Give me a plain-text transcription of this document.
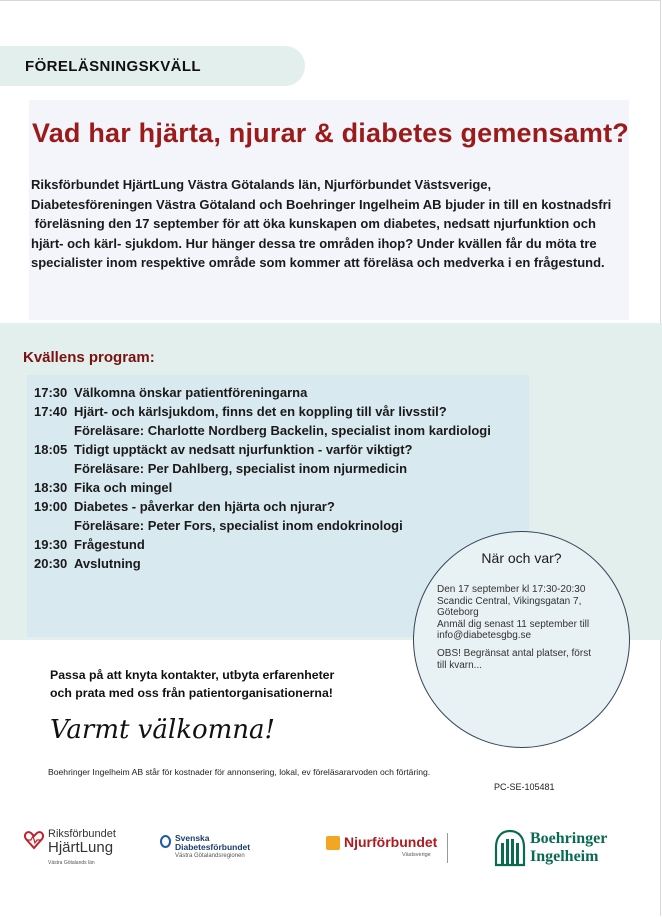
FÖRELÄSNINGSKVÄLL
Vad har hjärta, njurar & diabetes gemensamt?

Riksförbundet HjärtLung Västra Götalands län, Njurförbundet Västsverige,
Diabetesföreningen Västra Götaland och Boehringer Ingelheim AB bjuder in till en kostnadsfri
föreläsning den 17 september för att öka kunskapen om diabetes, nedsatt njurfunktion och
hjärt- och kärl- sjukdom. Hur hänger dessa tre områden ihop? Under kvällen får du möta tre
specialister inom respektive område som kommer att föreläsa och medverka i en frågestund.

Kvällens program:
17:30 Välkomna önskar patientföreningarna
17:40 Hjärt- och kärlsjukdom, finns det en koppling till vår livsstil?
Föreläsare: Charlotte Nordberg Backelin, specialist inom kardiologi
18:05 Tidigt upptäckt av nedsatt njurfunktion - varför viktigt?
Föreläsare: Per Dahlberg, specialist inom njurmedicin
18:30 Fika och mingel
19:00 Diabetes - påverkar den hjärta och njurar?
Föreläsare: Peter Fors, specialist inom endokrinologi
19:30 Frågestund
20:30 Avslutning	När och var?

Den 17 september kl 17:30-20:30
Scandic Central, Vikingsgatan 7,
Göteborg
Anmäl dig senast 11 september till
info@diabetesgbg.se

OBS! Begränsat antal platser, först
till kvarn...

Passa på att knyta kontakter, utbyta erfarenheter
och prata med oss från patientorganisationerna!

Varmt välkomna!
Boehringer Ingelheim AB står för kostnader för annonsering, lokal, ev föreläsararvoden och förtäring.
PC-SE-105481
Riksförbundet
HjärtLung
Västra Götalands län
Svenska
Diabetesförbundet
Västra Götalandsregionen
Njurförbundet
Västsverige
Boehringer
Ingelheim
